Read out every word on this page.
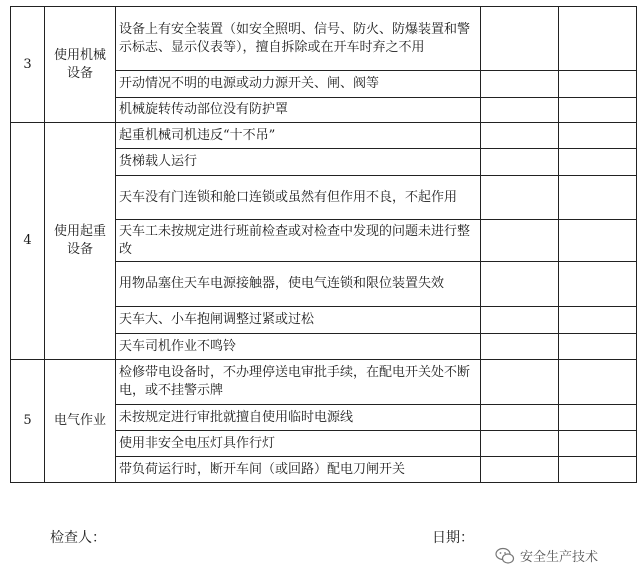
3	使用机械设备	设备上有安全装置（如安全照明、信号、防火、防爆装置和警示标志、显示仪表等），擅自拆除或在开车时弃之不用		
		开动情况不明的电源或动力源开关、闸、阀等		
		机械旋转传动部位没有防护罩		
4	使用起重设备	起重机械司机违反“十不吊”		
		货梯载人运行		
		天车没有门连锁和舱口连锁或虽然有但作用不良，不起作用		
		天车工未按规定进行班前检查或对检查中发现的问题未进行整改		
		用物品塞住天车电源接触器，使电气连锁和限位装置失效		
		天车大、小车抱闸调整过紧或过松		
		天车司机作业不鸣铃		
5	电气作业	检修带电设备时，不办理停送电审批手续，在配电开关处不断电，或不挂警示牌		
		未按规定进行审批就擅自使用临时电源线		
		使用非安全电压灯具作行灯		
		带负荷运行时，断开车间（或回路）配电刀闸开关		
检查人：	日期：
安全生产技术
